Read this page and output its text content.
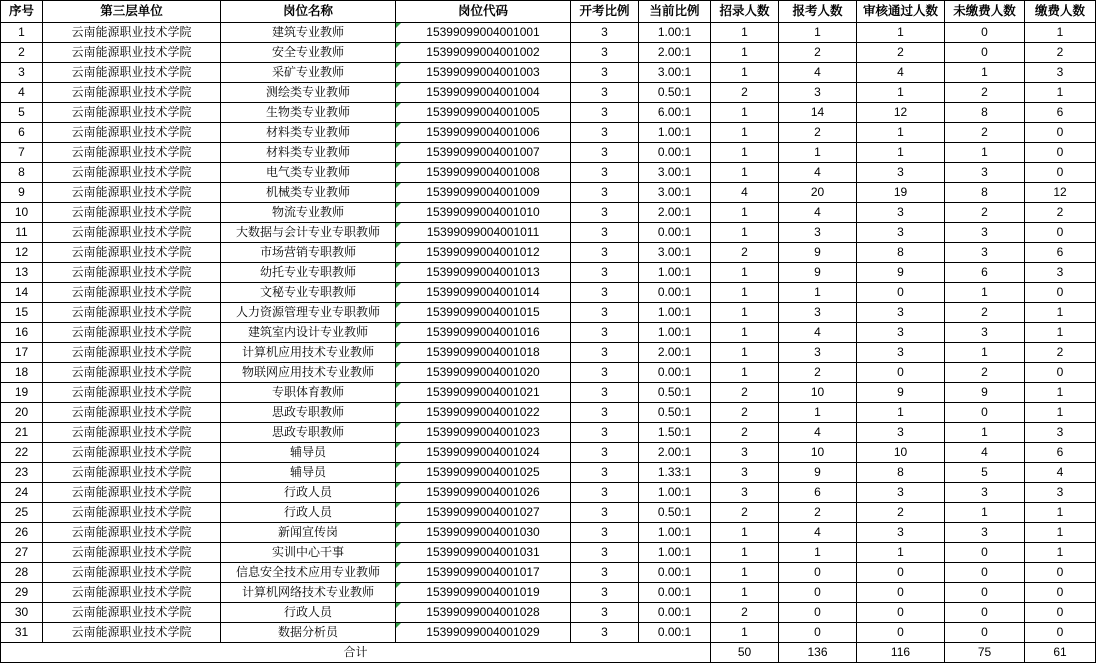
序号	第三层单位	岗位名称	岗位代码	开考比例	当前比例	招录人数	报考人数	审核通过人数	未缴费人数	缴费人数
1	云南能源职业技术学院	建筑专业教师	15399099004001001	3	1.00:1	1	1	1	0	1
2	云南能源职业技术学院	安全专业教师	15399099004001002	3	2.00:1	1	2	2	0	2
3	云南能源职业技术学院	采矿专业教师	15399099004001003	3	3.00:1	1	4	4	1	3
4	云南能源职业技术学院	测绘类专业教师	15399099004001004	3	0.50:1	2	3	1	2	1
5	云南能源职业技术学院	生物类专业教师	15399099004001005	3	6.00:1	1	14	12	8	6
6	云南能源职业技术学院	材料类专业教师	15399099004001006	3	1.00:1	1	2	1	2	0
7	云南能源职业技术学院	材料类专业教师	15399099004001007	3	0.00:1	1	1	1	1	0
8	云南能源职业技术学院	电气类专业教师	15399099004001008	3	3.00:1	1	4	3	3	0
9	云南能源职业技术学院	机械类专业教师	15399099004001009	3	3.00:1	4	20	19	8	12
10	云南能源职业技术学院	物流专业教师	15399099004001010	3	2.00:1	1	4	3	2	2
11	云南能源职业技术学院	大数据与会计专业专职教师	15399099004001011	3	0.00:1	1	3	3	3	0
12	云南能源职业技术学院	市场营销专职教师	15399099004001012	3	3.00:1	2	9	8	3	6
13	云南能源职业技术学院	幼托专业专职教师	15399099004001013	3	1.00:1	1	9	9	6	3
14	云南能源职业技术学院	文秘专业专职教师	15399099004001014	3	0.00:1	1	1	0	1	0
15	云南能源职业技术学院	人力资源管理专业专职教师	15399099004001015	3	1.00:1	1	3	3	2	1
16	云南能源职业技术学院	建筑室内设计专业教师	15399099004001016	3	1.00:1	1	4	3	3	1
17	云南能源职业技术学院	计算机应用技术专业教师	15399099004001018	3	2.00:1	1	3	3	1	2
18	云南能源职业技术学院	物联网应用技术专业教师	15399099004001020	3	0.00:1	1	2	0	2	0
19	云南能源职业技术学院	专职体育教师	15399099004001021	3	0.50:1	2	10	9	9	1
20	云南能源职业技术学院	思政专职教师	15399099004001022	3	0.50:1	2	1	1	0	1
21	云南能源职业技术学院	思政专职教师	15399099004001023	3	1.50:1	2	4	3	1	3
22	云南能源职业技术学院	辅导员	15399099004001024	3	2.00:1	3	10	10	4	6
23	云南能源职业技术学院	辅导员	15399099004001025	3	1.33:1	3	9	8	5	4
24	云南能源职业技术学院	行政人员	15399099004001026	3	1.00:1	3	6	3	3	3
25	云南能源职业技术学院	行政人员	15399099004001027	3	0.50:1	2	2	2	1	1
26	云南能源职业技术学院	新闻宣传岗	15399099004001030	3	1.00:1	1	4	3	3	1
27	云南能源职业技术学院	实训中心干事	15399099004001031	3	1.00:1	1	1	1	0	1
28	云南能源职业技术学院	信息安全技术应用专业教师	15399099004001017	3	0.00:1	1	0	0	0	0
29	云南能源职业技术学院	计算机网络技术专业教师	15399099004001019	3	0.00:1	1	0	0	0	0
30	云南能源职业技术学院	行政人员	15399099004001028	3	0.00:1	2	0	0	0	0
31	云南能源职业技术学院	数据分析员	15399099004001029	3	0.00:1	1	0	0	0	0
合计						50	136	116	75	61
